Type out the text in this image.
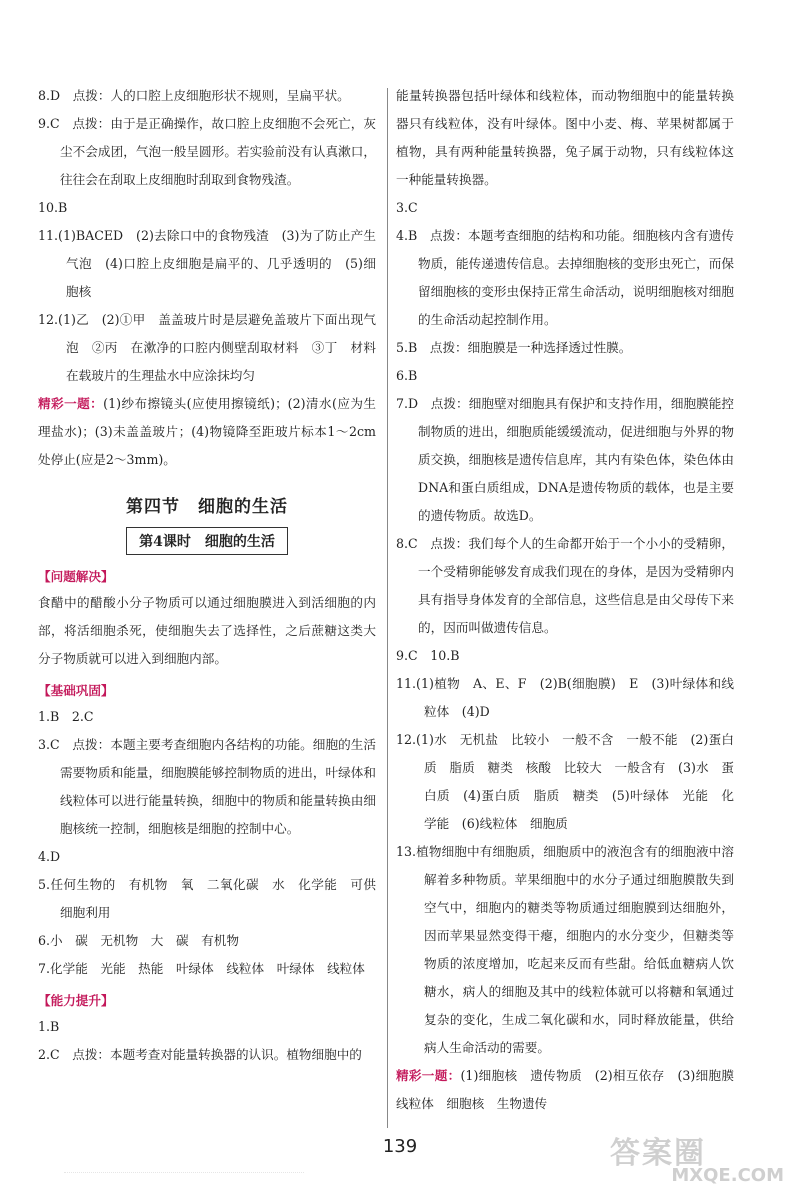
8.D　点拨：人的口腔上皮细胞形状不规则，呈扁平状。
9.C　点拨：由于是正确操作，故口腔上皮细胞不会死亡，灰尘不会成团，气泡一般呈圆形。若实验前没有认真漱口，往往会在刮取上皮细胞时刮取到食物残渣。
10.B
11.(1)BACED　(2)去除口中的食物残渣　(3)为了防止产生气泡　(4)口腔上皮细胞是扁平的、几乎透明的　(5)细胞核
12.(1)乙　(2)①甲　盖盖玻片时是层避免盖玻片下面出现气泡　②丙　在漱净的口腔内侧壁刮取材料　③丁　材料在载玻片的生理盐水中应涂抹均匀
精彩一题：(1)纱布擦镜头(应使用擦镜纸)；(2)清水(应为生理盐水)；(3)未盖盖玻片；(4)物镜降至距玻片标本1～2cm处停止(应是2～3mm)。
第四节　细胞的生活
第4课时　细胞的生活
【问题解决】
食醋中的醋酸小分子物质可以通过细胞膜进入到活细胞的内部，将活细胞杀死，使细胞失去了选择性，之后蔗糖这类大分子物质就可以进入到细胞内部。
【基础巩固】
1.B　2.C
3.C　点拨：本题主要考查细胞内各结构的功能。细胞的生活需要物质和能量，细胞膜能够控制物质的进出，叶绿体和线粒体可以进行能量转换，细胞中的物质和能量转换由细胞核统一控制，细胞核是细胞的控制中心。
4.D
5.任何生物的　有机物　氧　二氧化碳　水　化学能　可供细胞利用
6.小　碳　无机物　大　碳　有机物
7.化学能　光能　热能　叶绿体　线粒体　叶绿体　线粒体
【能力提升】
1.B
2.C　点拨：本题考查对能量转换器的认识。植物细胞中的
能量转换器包括叶绿体和线粒体，而动物细胞中的能量转换器只有线粒体，没有叶绿体。图中小麦、梅、苹果树都属于植物，具有两种能量转换器，兔子属于动物，只有线粒体这一种能量转换器。
3.C
4.B　点拨：本题考查细胞的结构和功能。细胞核内含有遗传物质，能传递遗传信息。去掉细胞核的变形虫死亡，而保留细胞核的变形虫保持正常生命活动，说明细胞核对细胞的生命活动起控制作用。
5.B　点拨：细胞膜是一种选择透过性膜。
6.B
7.D　点拨：细胞壁对细胞具有保护和支持作用，细胞膜能控制物质的进出，细胞质能缓缓流动，促进细胞与外界的物质交换，细胞核是遗传信息库，其内有染色体，染色体由DNA和蛋白质组成，DNA是遗传物质的载体，也是主要的遗传物质。故选D。
8.C　点拨：我们每个人的生命都开始于一个小小的受精卵，一个受精卵能够发育成我们现在的身体，是因为受精卵内具有指导身体发育的全部信息，这些信息是由父母传下来的，因而叫做遗传信息。
9.C　10.B
11.(1)植物　A、E、F　(2)B(细胞膜)　E　(3)叶绿体和线粒体　(4)D
12.(1)水　无机盐　比较小　一般不含　一般不能　(2)蛋白质　脂质　糖类　核酸　比较大　一般含有　(3)水　蛋白质　(4)蛋白质　脂质　糖类　(5)叶绿体　光能　化学能　(6)线粒体　细胞质
13.植物细胞中有细胞质，细胞质中的液泡含有的细胞液中溶解着多种物质。苹果细胞中的水分子通过细胞膜散失到空气中，细胞内的糖类等物质通过细胞膜到达细胞外，因而苹果显然变得干瘪，细胞内的水分变少，但糖类等物质的浓度增加，吃起来反而有些甜。给低血糖病人饮糖水，病人的细胞及其中的线粒体就可以将糖和氧通过复杂的变化，生成二氧化碳和水，同时释放能量，供给病人生命活动的需要。
精彩一题：(1)细胞核　遗传物质　(2)相互依存　(3)细胞膜　线粒体　细胞核　生物遗传
139	答案圈
MXQE.COM
